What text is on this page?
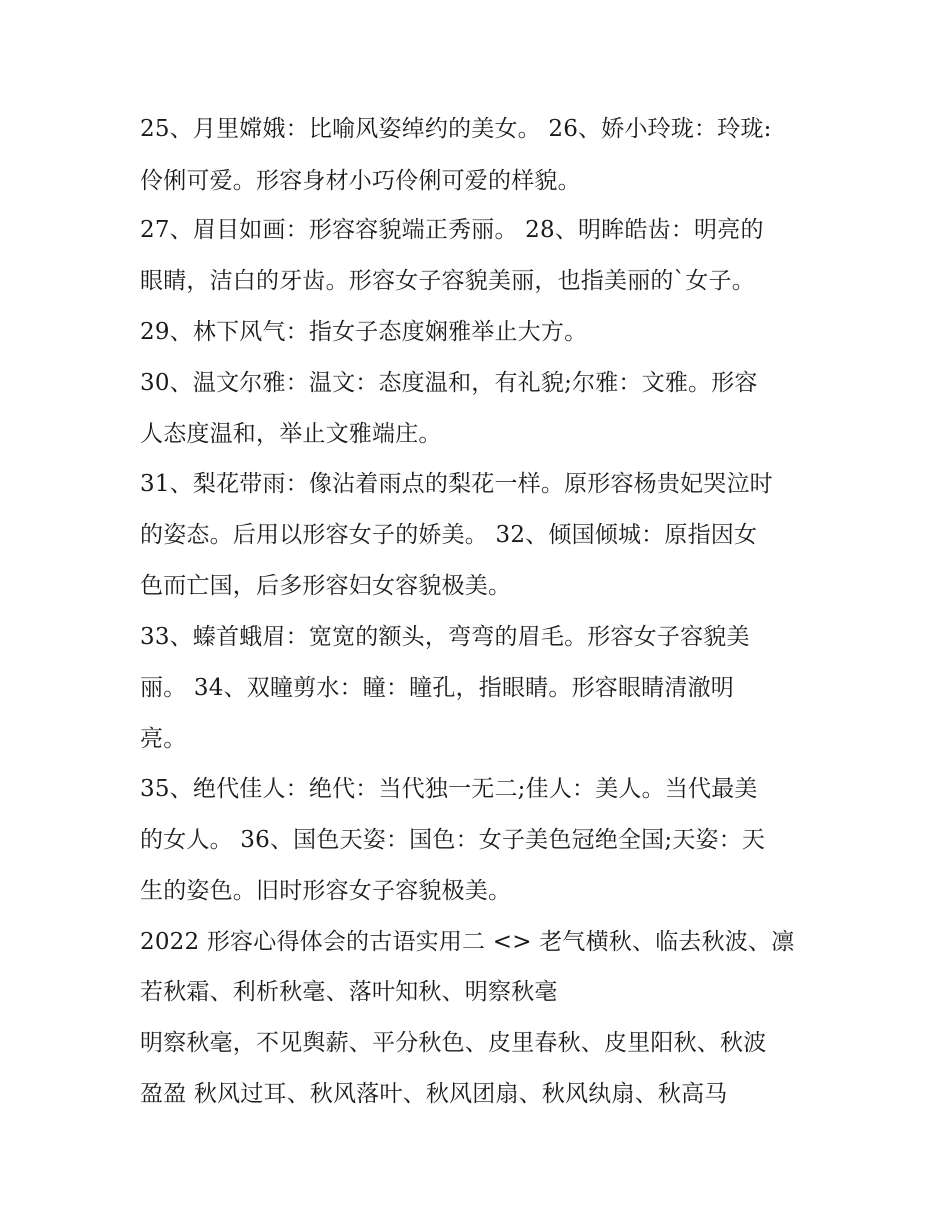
25、月里嫦娥：比喻风姿绰约的美女。 26、娇小玲珑：玲珑:
伶俐可爱。形容身材小巧伶俐可爱的样貌。
27、眉目如画：形容容貌端正秀丽。 28、明眸皓齿：明亮的
眼睛，洁白的牙齿。形容女子容貌美丽，也指美丽的`女子。
29、林下风气：指女子态度娴雅举止大方。
30、温文尔雅：温文：态度温和，有礼貌;尔雅：文雅。形容
人态度温和，举止文雅端庄。
31、梨花带雨：像沾着雨点的梨花一样。原形容杨贵妃哭泣时
的姿态。后用以形容女子的娇美。 32、倾国倾城：原指因女
色而亡国，后多形容妇女容貌极美。
33、螓首蛾眉：宽宽的额头，弯弯的眉毛。形容女子容貌美
丽。 34、双瞳剪水：瞳：瞳孔，指眼睛。形容眼睛清澈明
亮。
35、绝代佳人：绝代：当代独一无二;佳人：美人。当代最美
的女人。 36、国色天姿：国色：女子美色冠绝全国;天姿：天
生的姿色。旧时形容女子容貌极美。
2022 形容心得体会的古语实用二 <> 老气横秋、临去秋波、凛
若秋霜、利析秋毫、落叶知秋、明察秋毫
明察秋毫，不见舆薪、平分秋色、皮里春秋、皮里阳秋、秋波
盈盈 秋风过耳、秋风落叶、秋风团扇、秋风纨扇、秋高马
